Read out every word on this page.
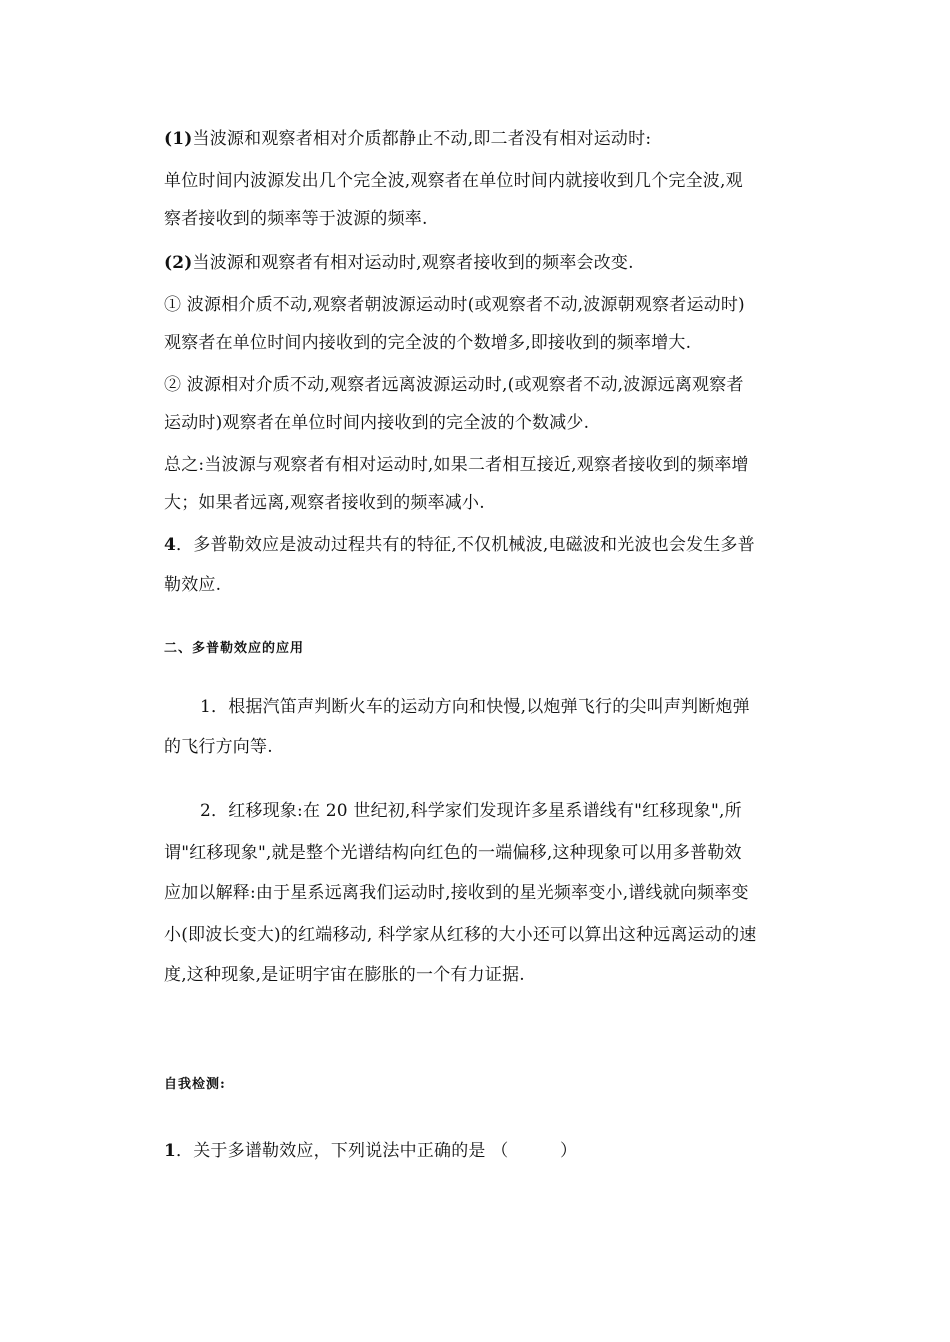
(1)当波源和观察者相对介质都静止不动,即二者没有相对运动时:
单位时间内波源发出几个完全波,观察者在单位时间内就接收到几个完全波,观
察者接收到的频率等于波源的频率.
(2)当波源和观察者有相对运动时,观察者接收到的频率会改变.
① 波源相介质不动,观察者朝波源运动时(或观察者不动,波源朝观察者运动时)
观察者在单位时间内接收到的完全波的个数增多,即接收到的频率增大.
② 波源相对介质不动,观察者远离波源运动时,(或观察者不动,波源远离观察者
运动时)观察者在单位时间内接收到的完全波的个数减少.
总之:当波源与观察者有相对运动时,如果二者相互接近,观察者接收到的频率增
大；如果者远离,观察者接收到的频率减小.
4．多普勒效应是波动过程共有的特征,不仅机械波,电磁波和光波也会发生多普
勒效应.
二、多普勒效应的应用
1．根据汽笛声判断火车的运动方向和快慢,以炮弹飞行的尖叫声判断炮弹
的飞行方向等.
2．红移现象:在 20 世纪初,科学家们发现许多星系谱线有"红移现象",所
谓"红移现象",就是整个光谱结构向红色的一端偏移,这种现象可以用多普勒效
应加以解释:由于星系远离我们运动时,接收到的星光频率变小,谱线就向频率变
小(即波长变大)的红端移动, 科学家从红移的大小还可以算出这种远离运动的速
度,这种现象,是证明宇宙在膨胀的一个有力证据.
自我检测:
1．关于多谱勒效应，下列说法中正确的是 （　　　）
